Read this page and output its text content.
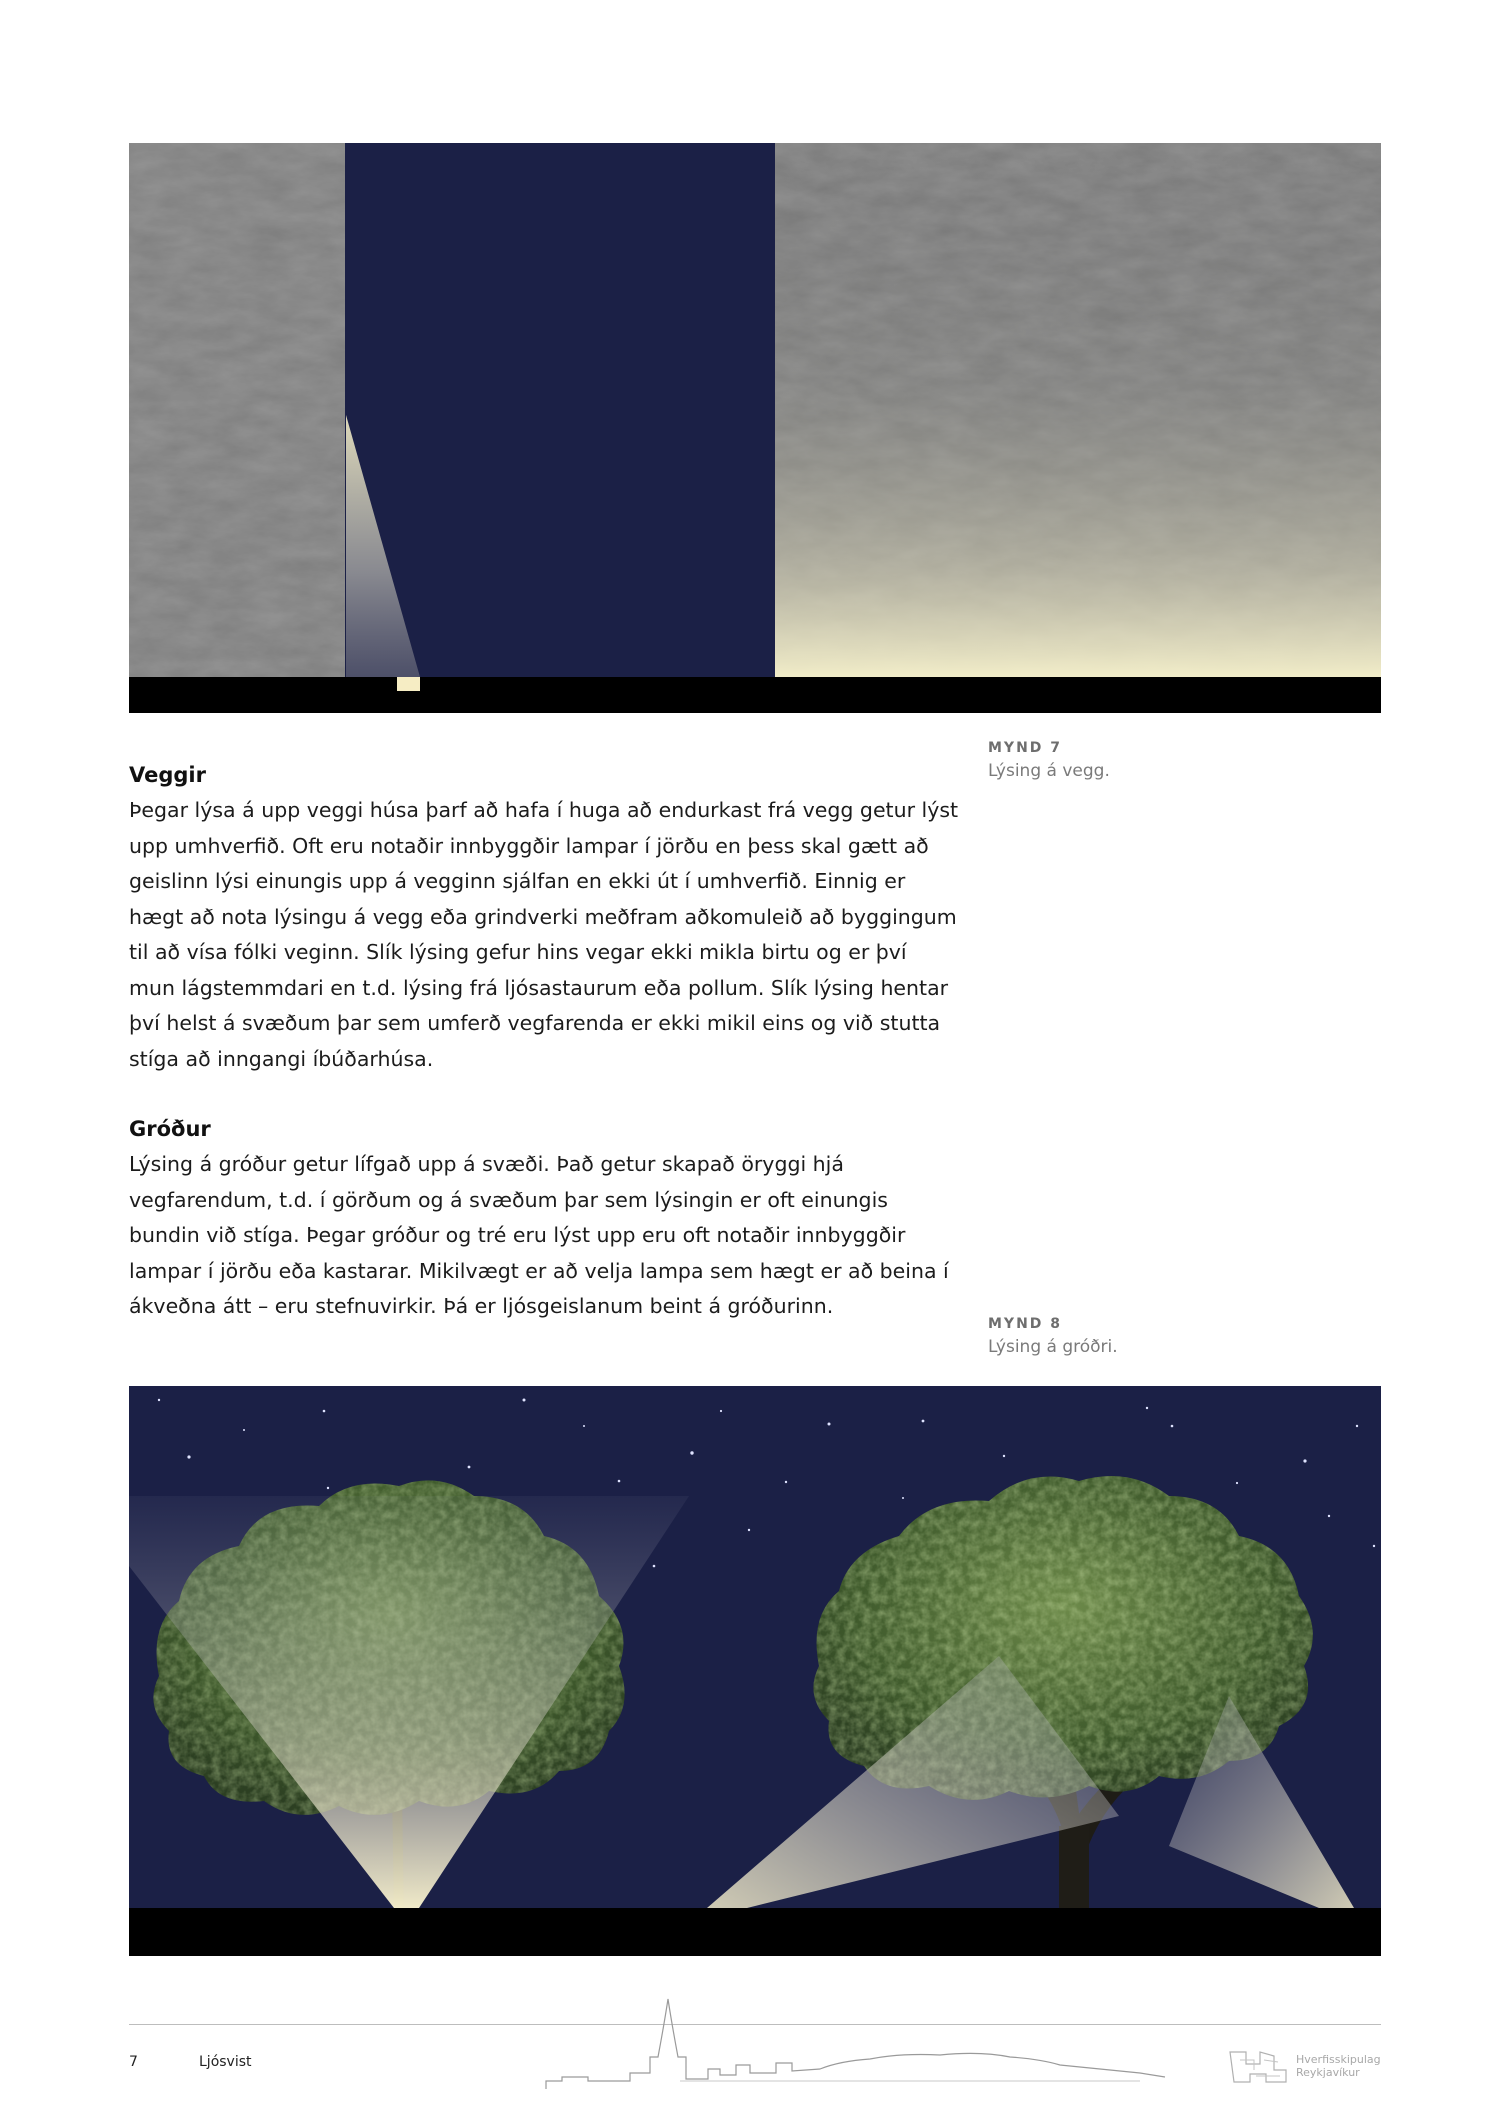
MYND 7

Lýsing á vegg.

Veggir

Þegar lýsa á upp veggi húsa þarf að hafa í huga að endurkast frá vegg getur lýst upp umhverfið. Oft eru notaðir innbyggðir lampar í jörðu en þess skal gætt að geislinn lýsi einungis upp á vegginn sjálfan en ekki út í umhverfið. Einnig er hægt að nota lýsingu á vegg eða grindverki meðfram aðkomuleið að byggingum til að vísa fólki veginn. Slík lýsing gefur hins vegar ekki mikla birtu og er því mun lágstemmdari en t.d. lýsing frá ljósastaurum eða pollum. Slík lýsing hentar því helst á svæðum þar sem umferð vegfarenda er ekki mikil eins og við stutta stíga að inngangi íbúðarhúsa.

Gróður

Lýsing á gróður getur lífgað upp á svæði. Það getur skapað öryggi hjá vegfarendum, t.d. í görðum og á svæðum þar sem lýsingin er oft einungis bundin við stíga. Þegar gróður og tré eru lýst upp eru oft notaðir innbyggðir lampar í jörðu eða kastarar. Mikilvægt er að velja lampa sem hægt er að beina í ákveðna átt – eru stefnuvirkir. Þá er ljósgeislanum beint á gróðurinn.

MYND 8

Lýsing á gróðri.

7	Ljósvist	Hverfisskipulag
Reykjavíkur
